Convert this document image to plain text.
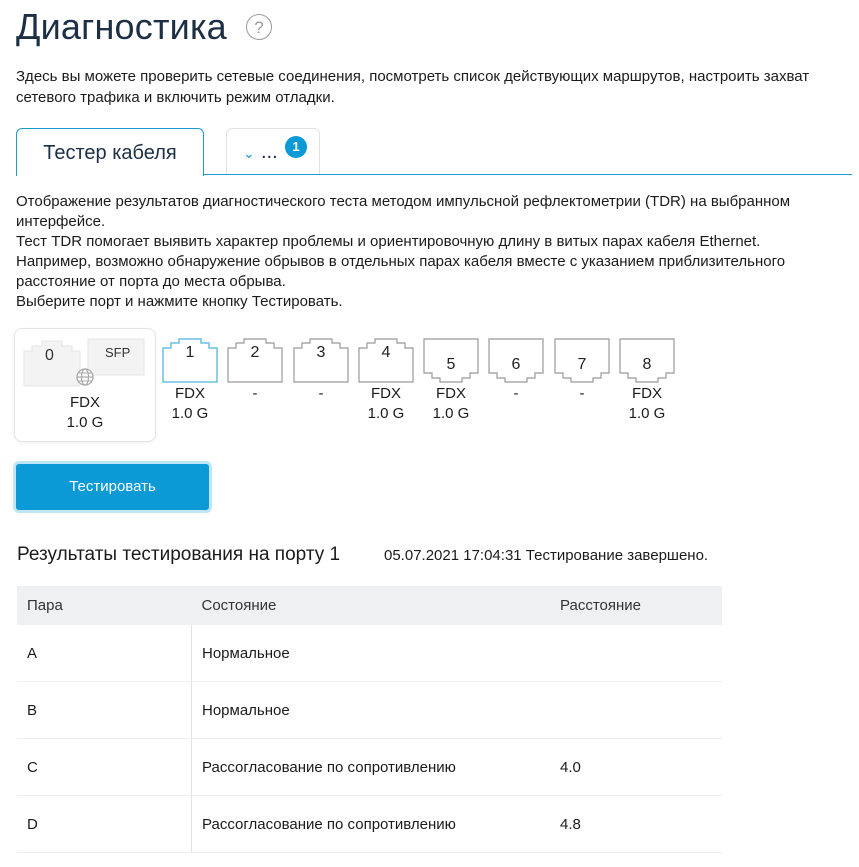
Диагностика	?
Здесь вы можете проверить сетевые соединения, посмотреть список действующих маршрутов, настроить захват сетевого трафика и включить режим отладки.
Тестер кабеля	⌄ ...	1

Отображение результатов диагностического теста методом импульсной рефлектометрии (TDR) на выбранном интерфейсе.

Тест TDR помогает выявить характер проблемы и ориентировочную длину в витых парах кабеля Ethernet.

Например, возможно обнаружение обрывов в отдельных парах кабеля вместе с указанием приблизительного расстояние от порта до места обрыва.

Выберите порт и нажмите кнопку Тестировать.

0	SFP
FDX
1.0 G
1
FDX
1.0 G
2
-
3
-
4
FDX
1.0 G
5
FDX
1.0 G
6
-
7
-
8
FDX
1.0 G
Тестировать
Результаты тестирования на порту 1	05.07.2021 17:04:31 Тестирование завершено.
Пара	Состояние	Расстояние
A	Нормальное	
B	Нормальное	
C	Рассогласование по сопротивлению	4.0
D	Рассогласование по сопротивлению	4.8
